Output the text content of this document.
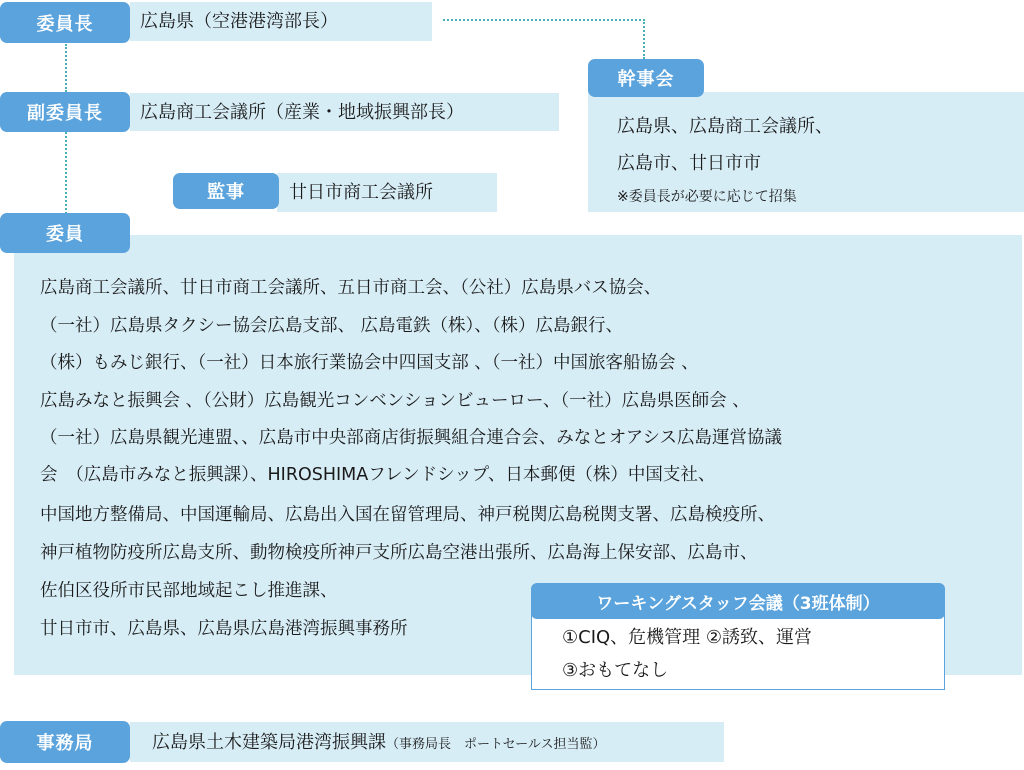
委員長	広島県（空港港湾部長）
副委員長	広島商工会議所（産業・地域振興部長）
監事	廿日市商工会議所
幹事会
広島県、広島商工会議所、
広島市、廿日市市
※委員長が必要に応じて招集
委員
広島商工会議所、廿日市商工会議所、五日市商工会、（公社）広島県バス協会、
（一社）広島県タクシー協会広島支部、 広島電鉄（株）、（株）広島銀行、
（株）もみじ銀行、（一社）日本旅行業協会中四国支部 、（一社）中国旅客船協会 、
広島みなと振興会 、（公財）広島観光コンベンションビューロー、（一社）広島県医師会 、
（一社）広島県観光連盟、、広島市中央部商店街振興組合連合会、みなとオアシス広島運営協議
会　（広島市みなと振興課）、HIROSHIMAフレンドシップ、日本郵便（株）中国支社、
中国地方整備局、中国運輸局、広島出入国在留管理局、神戸税関広島税関支署、広島検疫所、
神戸植物防疫所広島支所、動物検疫所神戸支所広島空港出張所、広島海上保安部、広島市、
佐伯区役所市民部地域起こし推進課、
廿日市市、広島県、広島県広島港湾振興事務所
ワーキングスタッフ会議（3班体制）
①CIQ、危機管理 ②誘致、運営
③おもてなし
事務局	広島県土木建築局港湾振興課（事務局長　ポートセールス担当監）
